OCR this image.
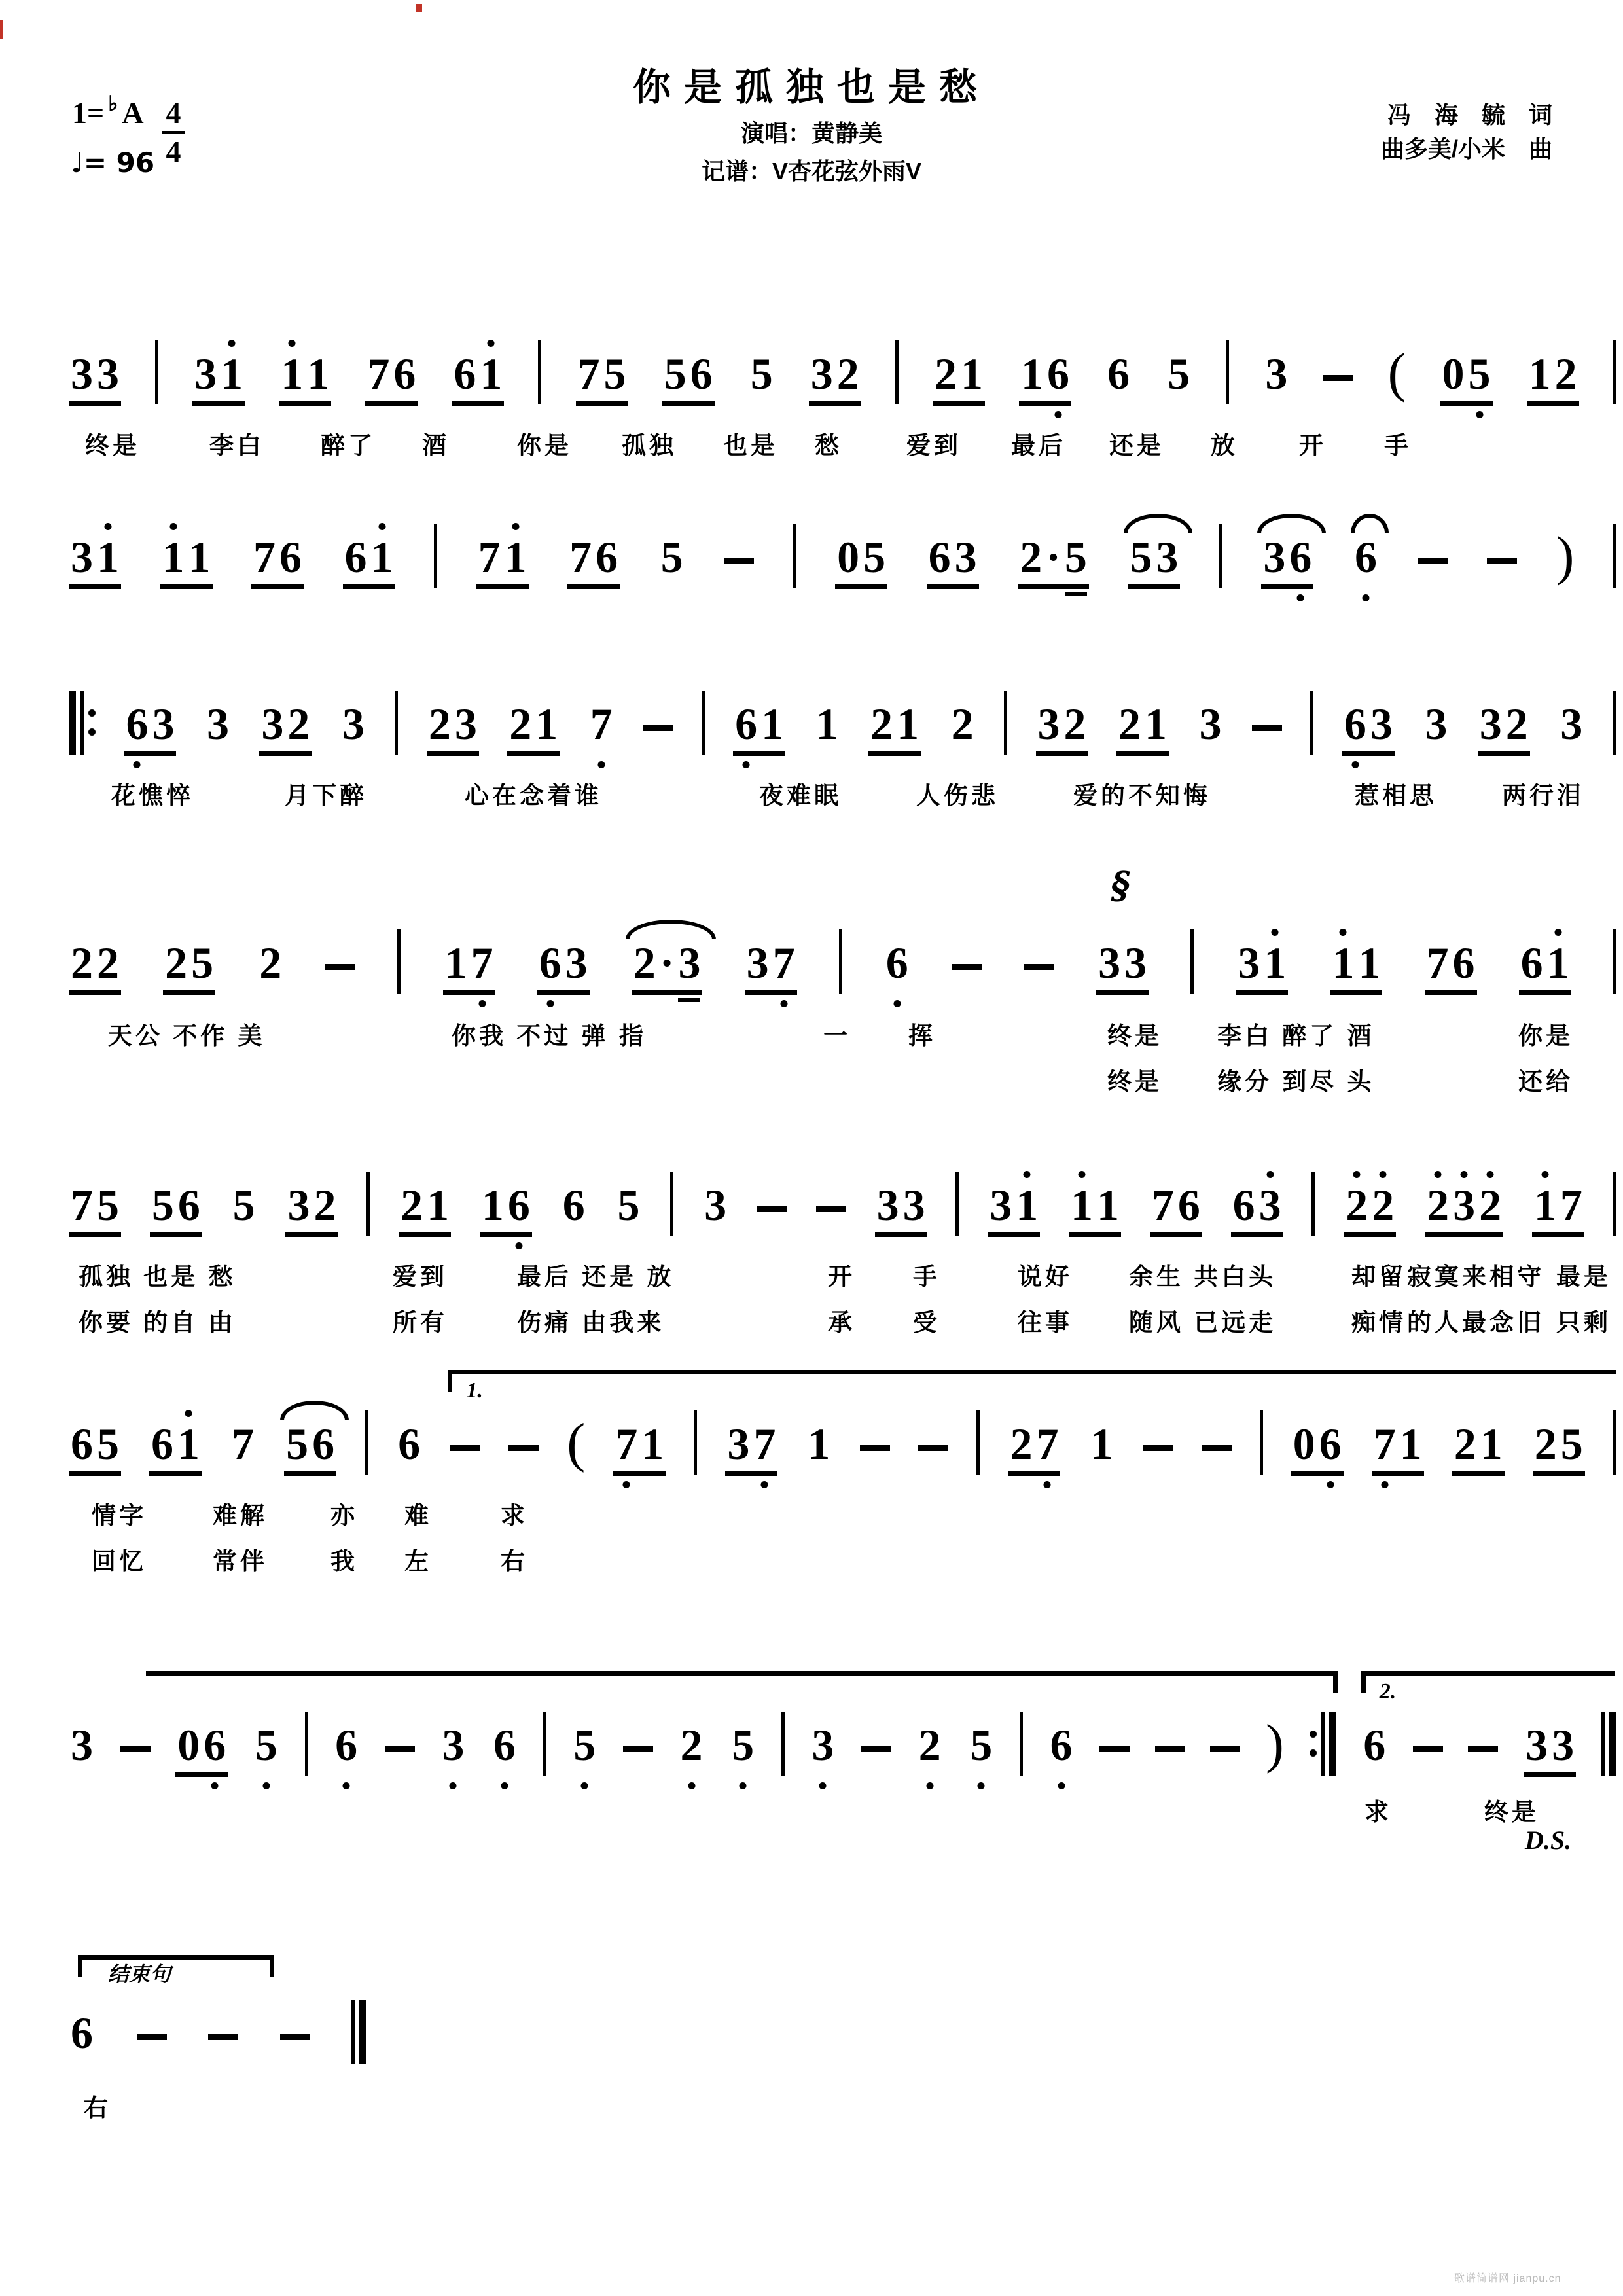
你是孤独也是愁
1=♭ A $\frac{4}{4}$
♩= 96
演唱：黄静美
记谱：V杏花弦外雨V
冯　海　毓　词
曲多美/小米　曲
3 3 3 1 1 1 7 6 6 1 7 5 5 6 5 3 2 2 1 1 6 6 5 3 ( 0 5 1 2
3 1 1 1 7 6 6 1 7 1 7 6 5	0 5 6 3 2 · 5 5 3 3 6 6	)
6 3 3 3 2 3 2 3 2 1 7	6 1 1 2 1 2 3 2 2 1 3	6 3 3 3 2 3
2 2 2 5 2	1 7 6 3 2 · 3 3 7 6	3 3
§
3 1 1 1 7 6 6 1
7 5 5 6 5 3 2 2 1 1 6 6 5 3	3 3 3 1 1 1 7 6 6 3 2 2 2 3 2 1 7
1.
6 5 6 1 7 5 6 6	( 7 1 3 7 1	2 7 1	0 6 7 1 2 1 2 5
2.
3 0 6 5 6 3 6 5 2 5 3 2 5 6	) 6	3 3
结束句
6
终是	李白 醉了 酒	你是 孤独 也是 愁	爱到 最后 还是 放	开 手
花憔悴	月下醉	心在念着谁	夜难眠	人伤悲	爱的不知悔	惹相思	两行泪
天公 不作 美	你我 不过 弹 指	一 挥	终是 李白 醉了 酒	你是
终是 缘分 到尽 头	还给
孤独 也是 愁	爱到	最后 还是 放	开 手	说好 余生 共白头	却留 寂寞来相守 最是
你要 的自 由	所有	伤痛 由我来	承 受	往事 随风 已远走	痴情 的人最念旧 只剩
情字	难解	亦 难	求
回忆	常伴	我 左	右
求	终是
右
D.S.
歌谱简谱网 jianpu.cn
